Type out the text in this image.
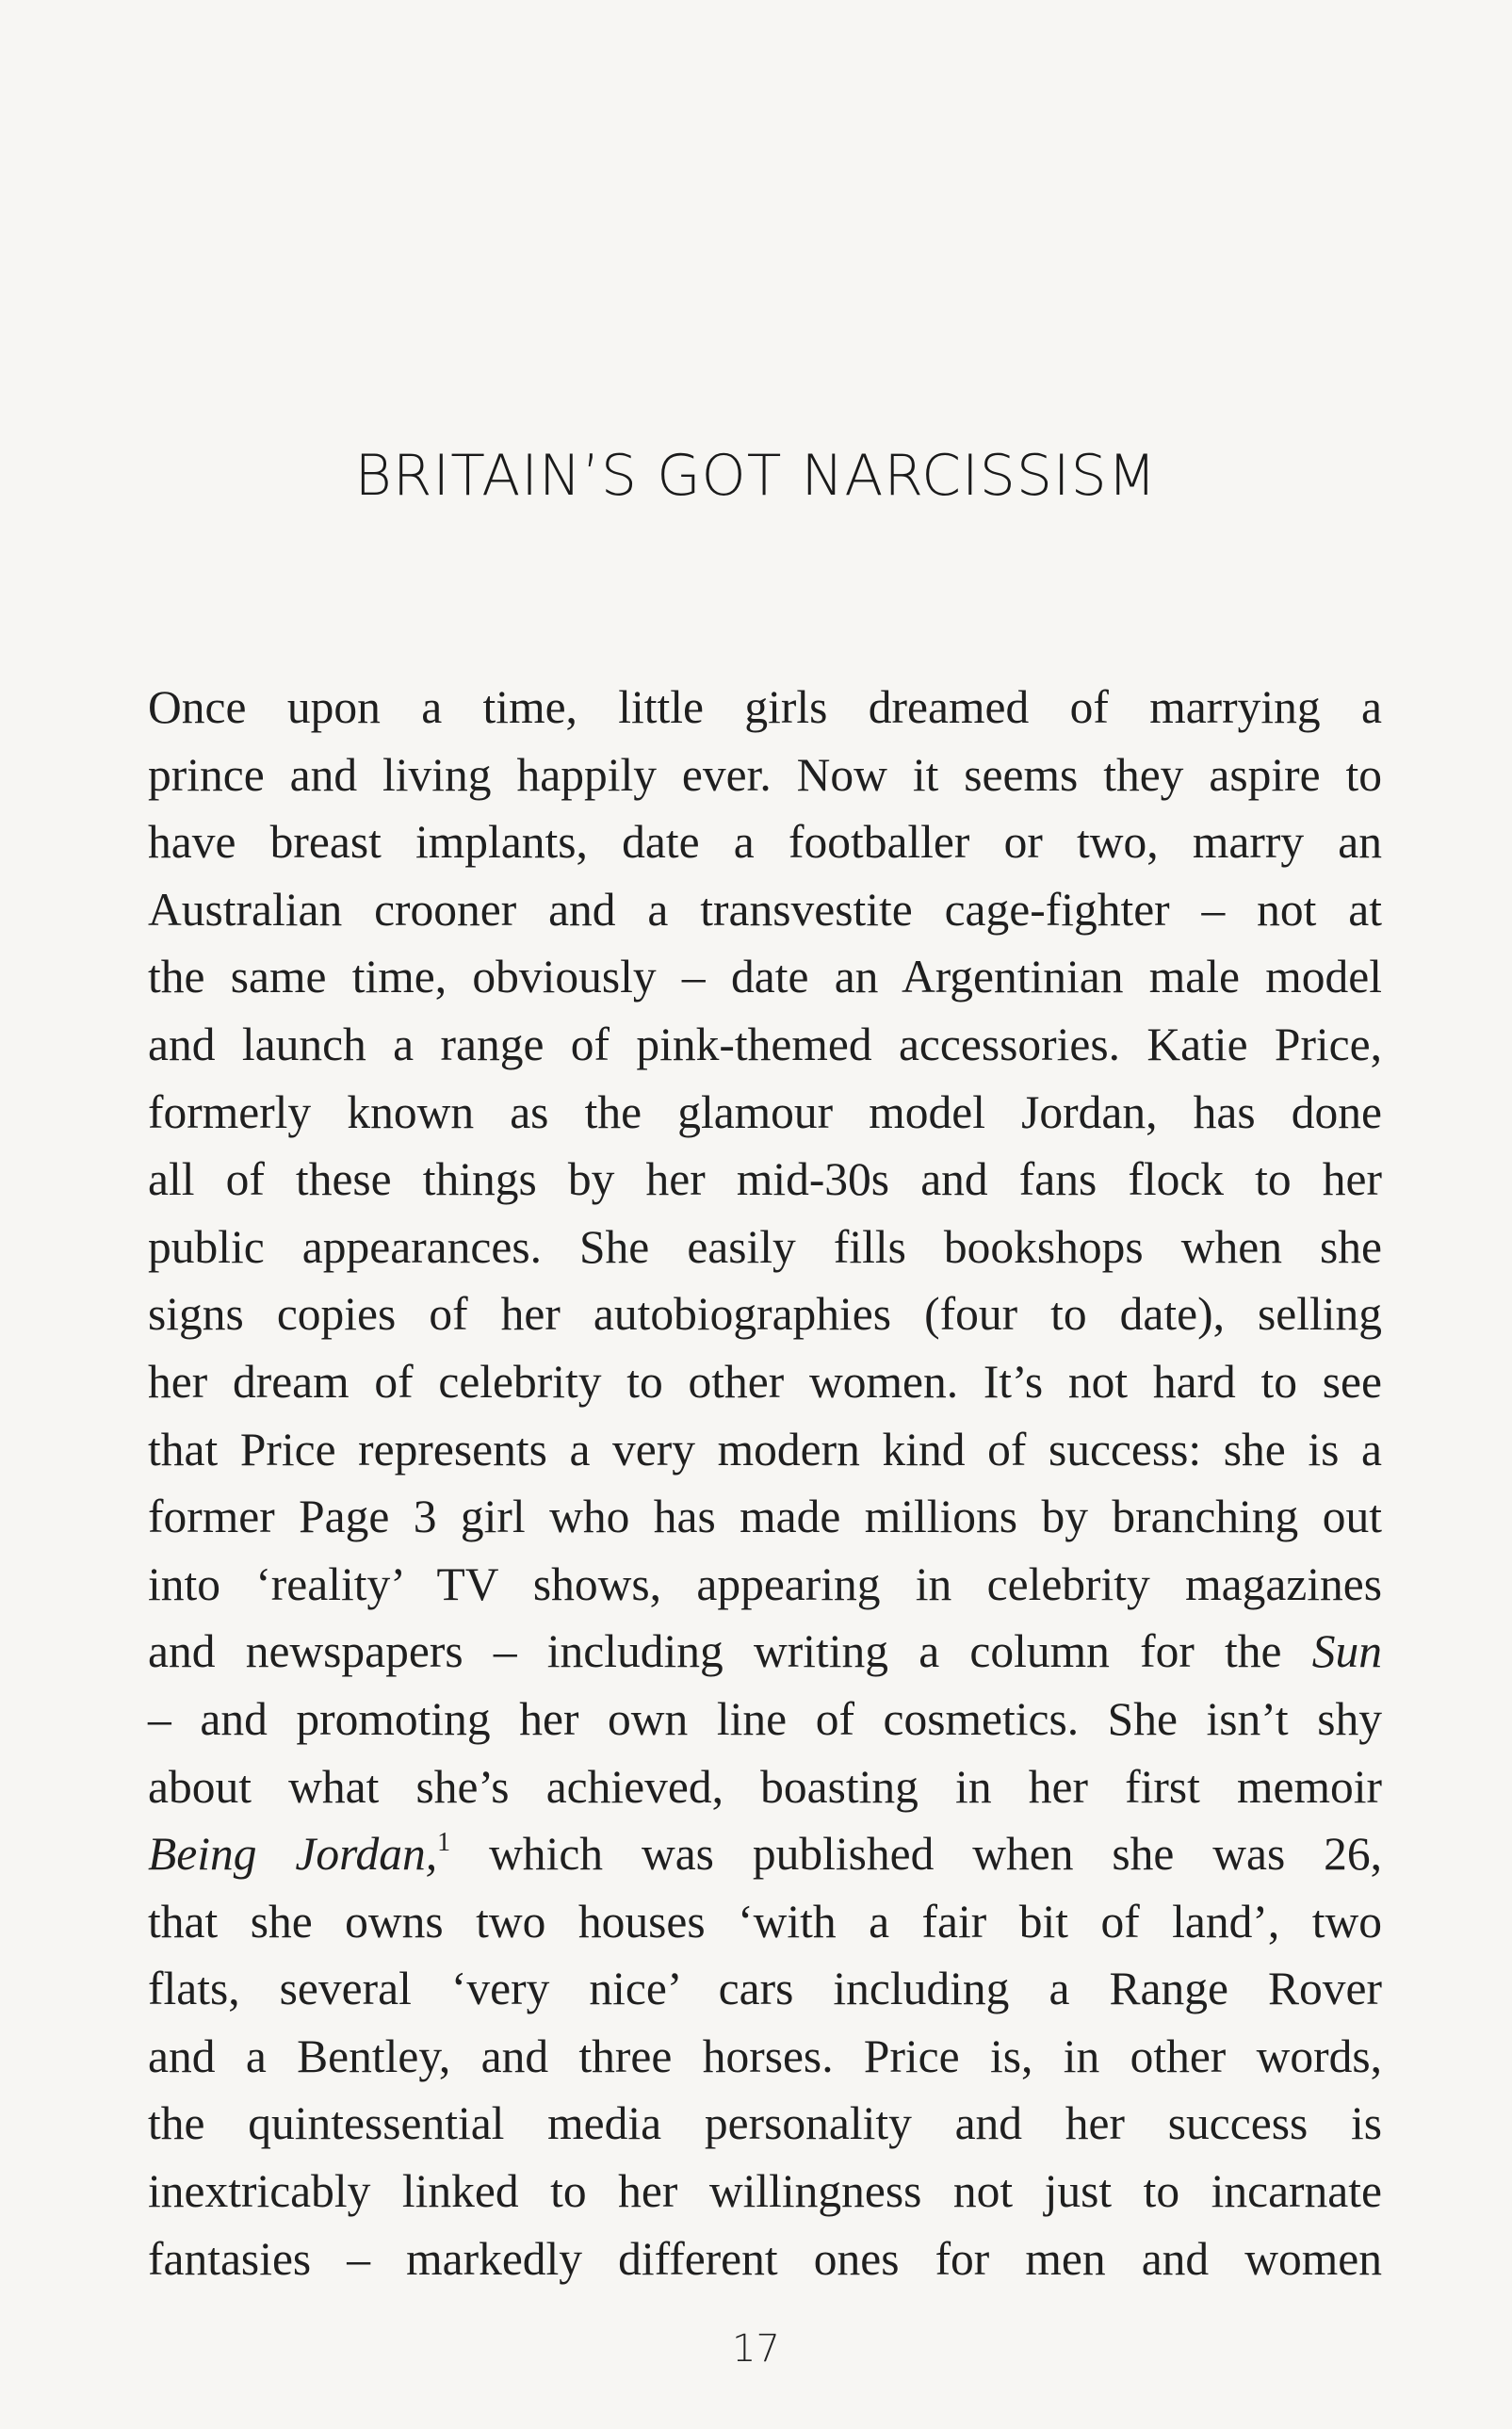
BRITAIN’S GOT NARCISSISM
Once upon a time, little girls dreamed of marrying a
prince and living happily ever. Now it seems they aspire to
have breast implants, date a footballer or two, marry an
Australian crooner and a transvestite cage-fighter – not at
the same time, obviously – date an Argentinian male model
and launch a range of pink-themed accessories. Katie Price,
formerly known as the glamour model Jordan, has done
all of these things by her mid-30s and fans flock to her
public appearances. She easily fills bookshops when she
signs copies of her autobiographies (four to date), selling
her dream of celebrity to other women. It’s not hard to see
that Price represents a very modern kind of success: she is a
former Page 3 girl who has made millions by branching out
into ‘reality’ TV shows, appearing in celebrity magazines
and newspapers – including writing a column for the Sun
– and promoting her own line of cosmetics. She isn’t shy
about what she’s achieved, boasting in her first memoir
Being Jordan,$^1$ which was published when she was 26,
that she owns two houses ‘with a fair bit of land’, two
flats, several ‘very nice’ cars including a Range Rover
and a Bentley, and three horses. Price is, in other words,
the quintessential media personality and her success is
inextricably linked to her willingness not just to incarnate
fantasies – markedly different ones for men and women
17
